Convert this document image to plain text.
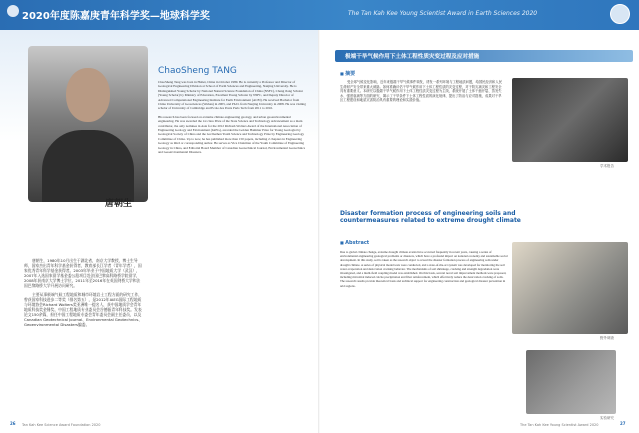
2020年度陈嘉庚青年科学奖—地球科学奖	The Tan Kah Kee Young Scientist Award in Earth Sciences 2020
唐朝生
ChaoSheng TANG

ChaoSheng Tang was born in Hubei, China in October 1980. He is currently a Professor and Director of Geological Engineering Division at School of Earth Sciences and Engineering, Nanjing University. He is Distinguished Young Scholar by National Natural Science Foundation of China (NSFC), Chang Jiang Scholar (Young Scholar) by Ministry of Education, Excellent Young Scholar by NSFC, and Deputy Director of Advanced Computational Engineering Institute for Earth Environment (ACEI). He received Bachelor from China University of Geosciences (Wuhan) in 2003, and Ph.D. from Nanjing University in 2008. He was visiting scholar of University of Cambridge and Ecole des Ponts Paris Tech from 2011 to 2016.

His research has been focused on extreme climate engineering geology, and urban geoenvironmental engineering. He was awarded the 1st class Prize of the State Science and Technology Advancement as a main contributor, the only nominee in Asia for the 2012 Richard-Wolters Award of the International Association of Engineering Geology and Environment (IAEG), awarded the Golden Hammer Prize for Young Geologist by Geological Society of China and the Gu Dezhen Youth Science and Technology Prize by Engineering Geology Committee of China. Up to now, he has published more than 150 papers, including 2 chapters in Engineering Geology as third or corresponding author. He serves as Vice Chairman of the Youth Committee of Engineering Geology in China, and Editorial Board Member of Canadian Geotechnical Journal, Environmental Geotechnics and Geoenvironmental Disasters.

唐朝生，1980年10月出生于湖北省，南京大学教授，博士生导师，国家杰出青年科学基金获得者，教育部长江学者（青年学者），国家优秀青年科学基金获得者。2003年毕业于中国地质大学（武汉），2007年入选国家留学基金委公派项目赴法国巴黎高科路桥学院留学，2008年获南京大学博士学位，2011年至2016年在英国剑桥大学和法国巴黎路桥大学开展访问研究。

主要从事极端气候工程地质和城市环境岩土工程方面的研究工作，曾获国家科技进步二等奖（排名第五），是2012年IAEG国际工程地质与环境协会Richard Wolters奖亚洲唯一提名人，获中国地质学会青年地质科技奖金锤奖、中国工程地质专业委员会谷德振青年科技奖。发表论文150余篇，担任中国工程地质专委会青年委员会副主任委员，以及Canadian Geotechnical Journal、Environmental Geotechnics、Geoenvironmental Disasters编委。

极端干旱气候作用下土体工程性质灾变过程及应对措施
■ 摘要

受全球气候变化影响，近年来极端干旱气候事件频发，诱发一系列环境与工程地质问题，给国民经济和人民生命财产安全带来重大威胁。如何准确评估干旱气候作用下土体工程性质的灾变过程，对于防灾减灾和工程安全具有重要意义。本研究以极端干旱气候作用下土体工程性质灾变过程为主线，系统开展了土体干缩开裂、蒸发失水、强度衰减等方面的研究，揭示了干旱条件下土体工程性质的演化规律，提出了防治与应对措施，成果对干旱区工程建设和地质灾害防治具有重要的理论和实践价值。

Disaster formation process of engineering soils and countermeasures related to extreme drought climate
■ Abstract

Due to global climate change, extreme drought climate events have occurred frequently in recent years, causing a series of environmental engineering geological problems or disasters, which have a profound impact on national economy and sustainable social development. In this study, soil is taken as the research object to reveal the disaster formation process of engineering soils under drought climate. A series of physical model tests were conducted, and a state-of-the-art system was developed for monitoring the soil water evaporation and desiccation cracking behavior. The mechanisms of soil shrinkage, cracking and strength degradation were investigated, and a multi-field coupling model was established. On this basis, several novel soil improvement methods were proposed, including microbial induced calcite precipitation and fiber reinforcement, which effectively reduce the desiccation cracking of soils. The research results provide theoretical basis and technical support for engineering construction and geological disaster prevention in arid regions.

学术报告
野外调查
实验研究
26 Tan Kah Kee Science Award Foundation 2020	The Tan Kah Kee Young Scientist Award 2020	27
